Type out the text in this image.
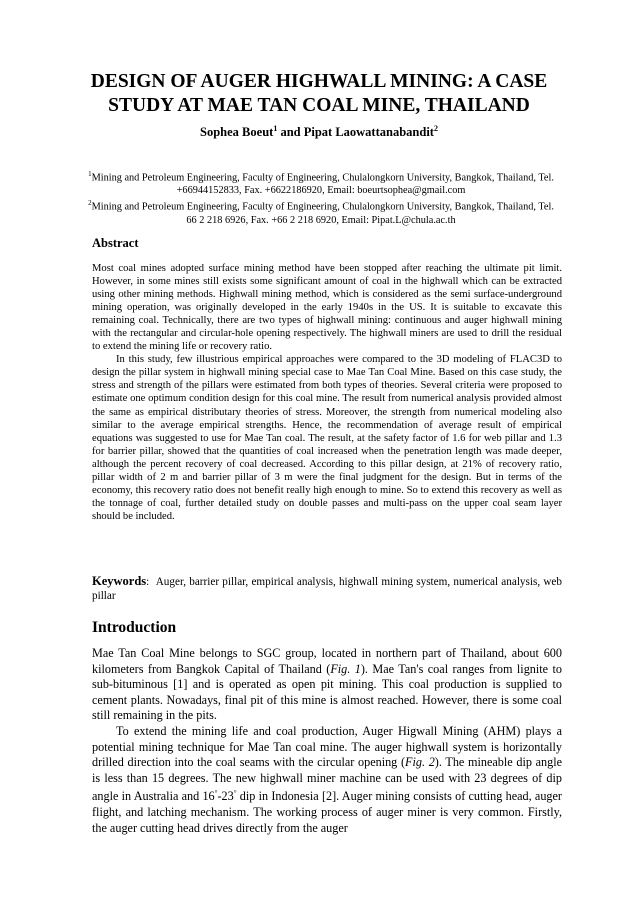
DESIGN OF AUGER HIGHWALL MINING: A CASE STUDY AT MAE TAN COAL MINE, THAILAND
Sophea Boeut$^1$ and Pipat Laowattanabandit$^2$

$^1$Mining and Petroleum Engineering, Faculty of Engineering, Chulalongkorn University, Bangkok, Thailand, Tel. +66944152833, Fax. +6622186920, Email: boeurtsophea@gmail.com

$^2$Mining and Petroleum Engineering, Faculty of Engineering, Chulalongkorn University, Bangkok, Thailand, Tel. 66 2 218 6926, Fax. +66 2 218 6920, Email: Pipat.L@chula.ac.th

Abstract

Most coal mines adopted surface mining method have been stopped after reaching the ultimate pit limit. However, in some mines still exists some significant amount of coal in the highwall which can be extracted using other mining methods. Highwall mining method, which is considered as the semi surface-underground mining operation, was originally developed in the early 1940s in the US. It is suitable to excavate this remaining coal. Technically, there are two types of highwall mining: continuous and auger highwall mining with the rectangular and circular-hole opening respectively. The highwall miners are used to drill the residual to extend the mining life or recovery ratio.

In this study, few illustrious empirical approaches were compared to the 3D modeling of FLAC3D to design the pillar system in highwall mining special case to Mae Tan Coal Mine. Based on this case study, the stress and strength of the pillars were estimated from both types of theories. Several criteria were proposed to estimate one optimum condition design for this coal mine. The result from numerical analysis provided almost the same as empirical distributary theories of stress. Moreover, the strength from numerical modeling also similar to the average empirical strengths. Hence, the recommendation of average result of empirical equations was suggested to use for Mae Tan coal. The result, at the safety factor of 1.6 for web pillar and 1.3 for barrier pillar, showed that the quantities of coal increased when the penetration length was made deeper, although the percent recovery of coal decreased. According to this pillar design, at 21% of recovery ratio, pillar width of 2 m and barrier pillar of 3 m were the final judgment for the design. But in terms of the economy, this recovery ratio does not benefit really high enough to mine. So to extend this recovery as well as the tonnage of coal, further detailed study on double passes and multi-pass on the upper coal seam layer should be included.

Keywords: Auger, barrier pillar, empirical analysis, highwall mining system, numerical analysis, web pillar
Introduction

Mae Tan Coal Mine belongs to SGC group, located in northern part of Thailand, about 600 kilometers from Bangkok Capital of Thailand (Fig. 1). Mae Tan's coal ranges from lignite to sub-bituminous [1] and is operated as open pit mining. This coal production is supplied to cement plants. Nowadays, final pit of this mine is almost reached. However, there is some coal still remaining in the pits.

To extend the mining life and coal production, Auger Higwall Mining (AHM) plays a potential mining technique for Mae Tan coal mine. The auger highwall system is horizontally drilled direction into the coal seams with the circular opening (Fig. 2). The mineable dip angle is less than 15 degrees. The new highwall miner machine can be used with 23 degrees of dip angle in Australia and 16°-23° dip in Indonesia [2]. Auger mining consists of cutting head, auger flight, and latching mechanism. The working process of auger miner is very common. Firstly, the auger cutting head drives directly from the auger
